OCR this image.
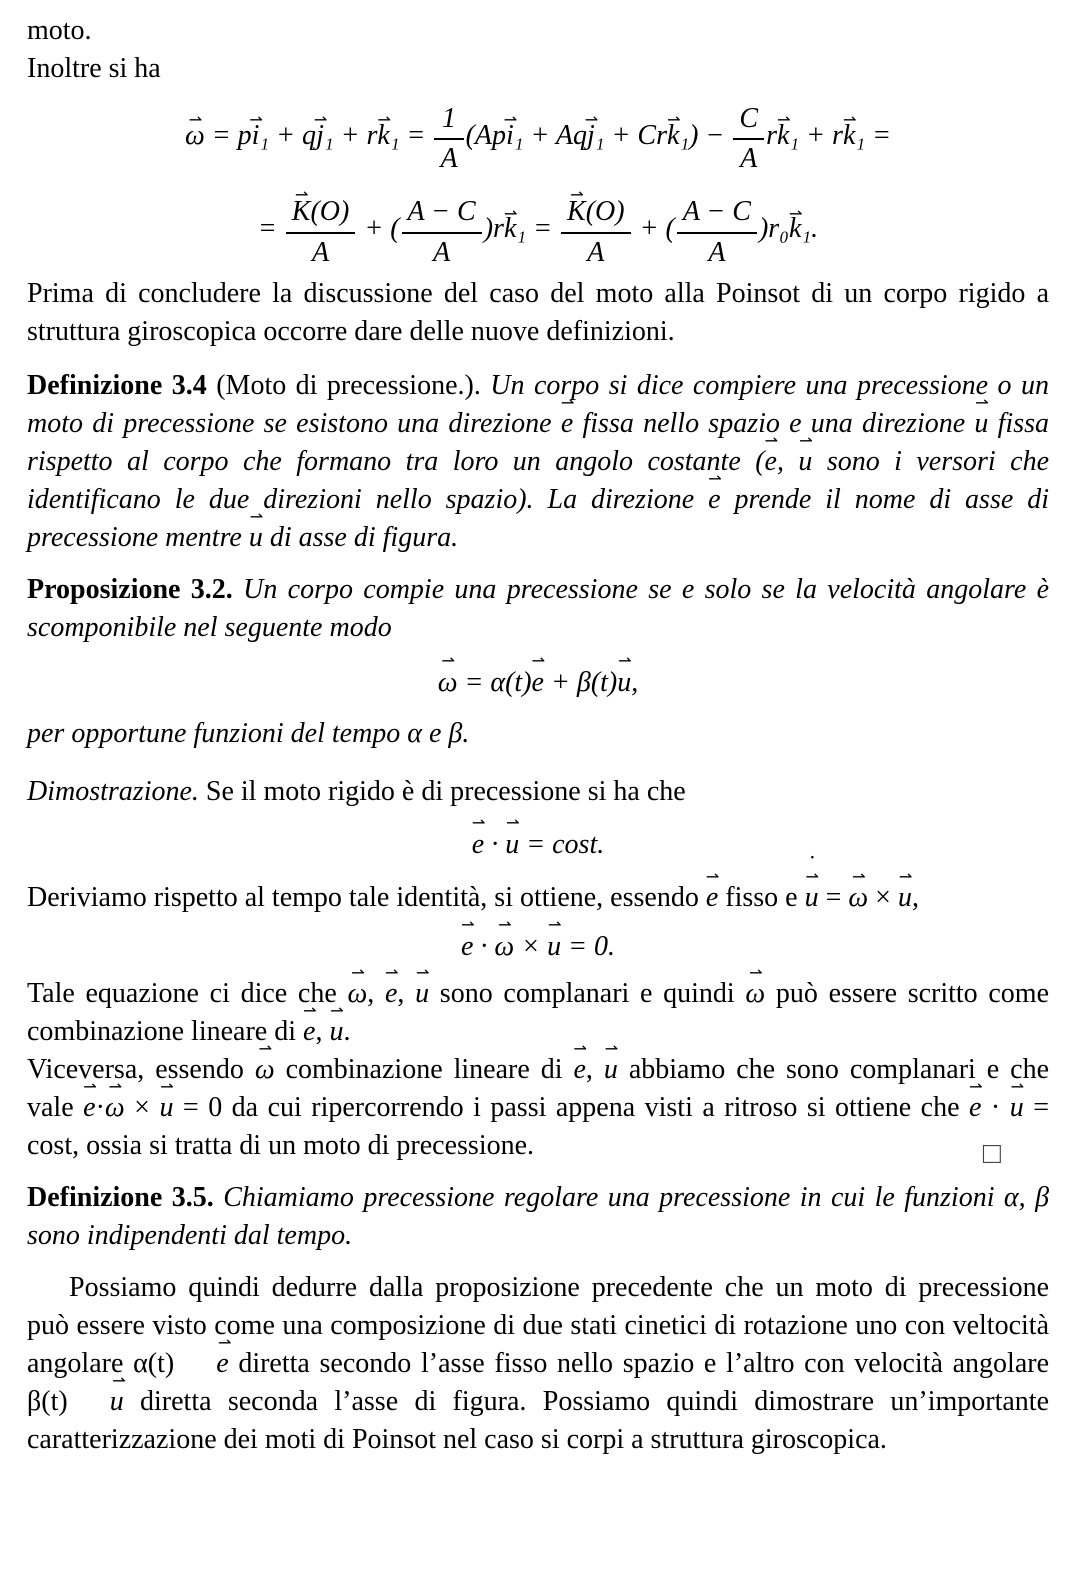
moto.
Inoltre si ha

ω ⇀ = pi ⇀₁ + qj ⇀₁ + rk ⇀₁ = $\frac{1}{A} (Api$ ⇀₁ + Aqj ⇀₁ + Crk ⇀₁) − $\frac{C}{A}$ rk ⇀₁ + rk ⇀₁ =
= $\frac{K ⇀(O)}{A}$ + ( $\frac{A - C}{A} )rk$ ⇀₁ = $\frac{K ⇀(O)}{A}$ + ( $\frac{A - C}{A} )r_0k$ ⇀₁.

Prima di concludere la discussione del caso del moto alla Poinsot di un corpo rigido a struttura giroscopica occorre dare delle nuove definizioni.

Definizione 3.4 (Moto di precessione.). Un corpo si dice compiere una precessione o un moto di precessione se esistono una direzione e ⇀ fissa nello spazio e una direzione u ⇀ fissa rispetto al corpo che formano tra loro un angolo costante (e ⇀, u ⇀ sono i versori che identificano le due direzioni nello spazio). La direzione e ⇀ prende il nome di asse di precessione mentre u ⇀ di asse di figura.

Proposizione 3.2. Un corpo compie una precessione se e solo se la velocità angolare è scomponibile nel seguente modo

ω ⇀ = α(t)e ⇀ + β(t)u ⇀,

per opportune funzioni del tempo α e β.

Dimostrazione. Se il moto rigido è di precessione si ha che

e ⇀ · u ⇀ = cost.

Deriviamo rispetto al tempo tale identità, si ottiene, essendo e ⇀ fisso e ˙ u ⇀ = ω ⇀ × u ⇀,

e ⇀ · ω ⇀ × u ⇀ = 0.

Tale equazione ci dice che ω ⇀, e ⇀, u ⇀ sono complanari e quindi ω ⇀ può essere scritto come combinazione lineare di e ⇀, u ⇀.

Viceversa, essendo ω ⇀ combinazione lineare di e ⇀, u ⇀ abbiamo che sono complanari e che vale e ⇀·ω ⇀ × u ⇀ = 0 da cui ripercorrendo i passi appena visti a ritroso si ottiene che e ⇀ · u ⇀ = cost, ossia si tratta di un moto di precessione.	□

Definizione 3.5. Chiamiamo precessione regolare una precessione in cui le funzioni α, β sono indipendenti dal tempo.

Possiamo quindi dedurre dalla proposizione precedente che un moto di precessione può essere visto come una composizione di due stati cinetici di rotazione uno con veltocità angolare α(t) e ⇀ diretta secondo l’asse fisso nello spazio e l’altro con velocità angolare β(t) u ⇀ diretta seconda l’asse di figura. Possiamo quindi dimostrare un’importante caratterizzazione dei moti di Poinsot nel caso si corpi a struttura giroscopica.
